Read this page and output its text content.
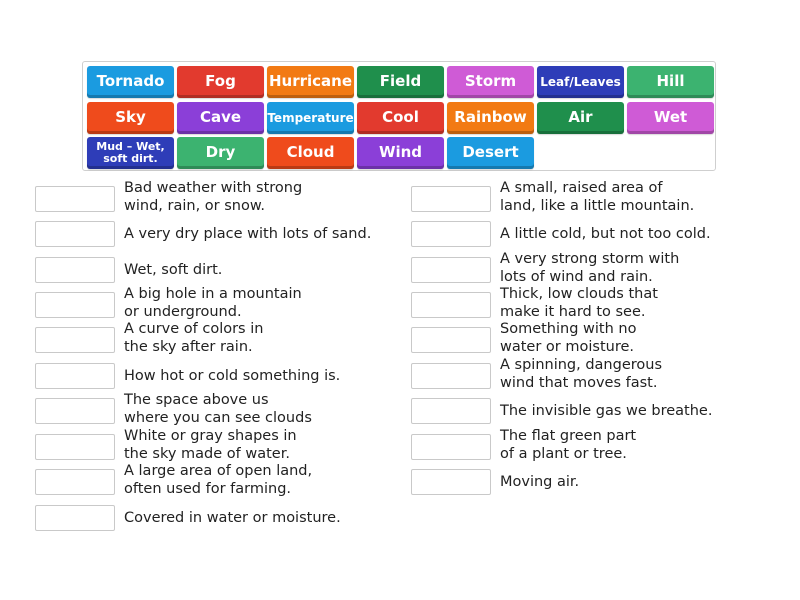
Tornado	Fog	Hurricane	Field	Storm	Leaf/Leaves	Hill
Sky	Cave	Temperature	Cool	Rainbow	Air	Wet
Mud – Wet, soft dirt.	Dry	Cloud	Wind	Desert
Bad weather with strong
wind, rain, or snow.
A very dry place with lots of sand.
Wet, soft dirt.
A big hole in a mountain
or underground.
A curve of colors in
the sky after rain.
How hot or cold something is.
The space above us
where you can see clouds
White or gray shapes in
the sky made of water.
A large area of open land,
often used for farming.
Covered in water or moisture.
A small, raised area of
land, like a little mountain.
A little cold, but not too cold.
A very strong storm with
lots of wind and rain.
Thick, low clouds that
make it hard to see.
Something with no
water or moisture.
A spinning, dangerous
wind that moves fast.
The invisible gas we breathe.
The flat green part
of a plant or tree.
Moving air.
